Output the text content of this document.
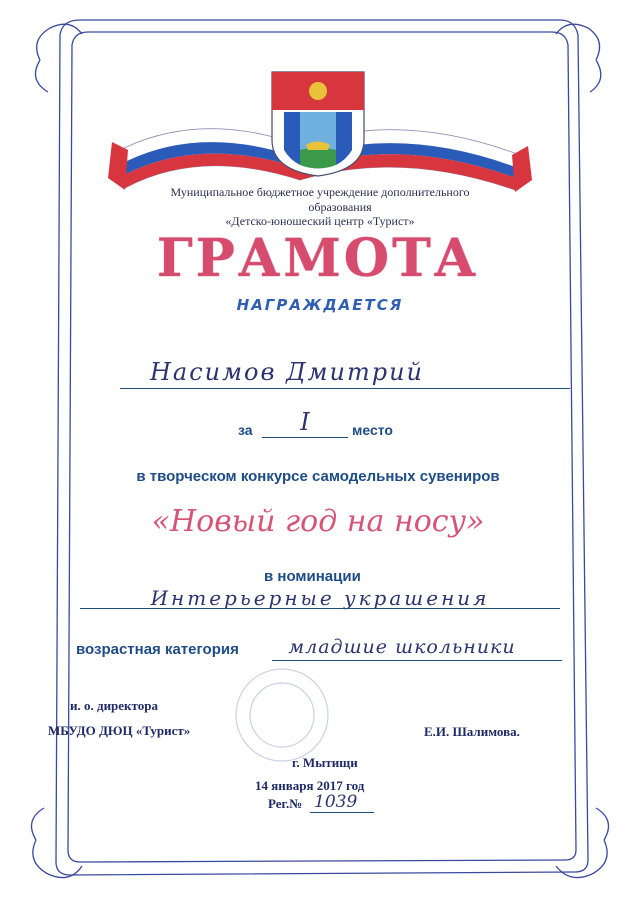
Муниципальное бюджетное учреждение дополнительного
образования
«Детско-юношеский центр «Турист»
ГРАМОТА
НАГРАЖДАЕТСЯ
Насимов Дмитрий
за	I	место
в творческом конкурсе самодельных сувениров
«Новый год на носу»
в номинации
Интерьерные украшения
возрастная категория	младшие школьники
и. о. директора
МБУДО ДЮЦ «Турист»	Е.И. Шалимова.
г. Мытищи
14 января 2017 год
Рег.№ 1039
